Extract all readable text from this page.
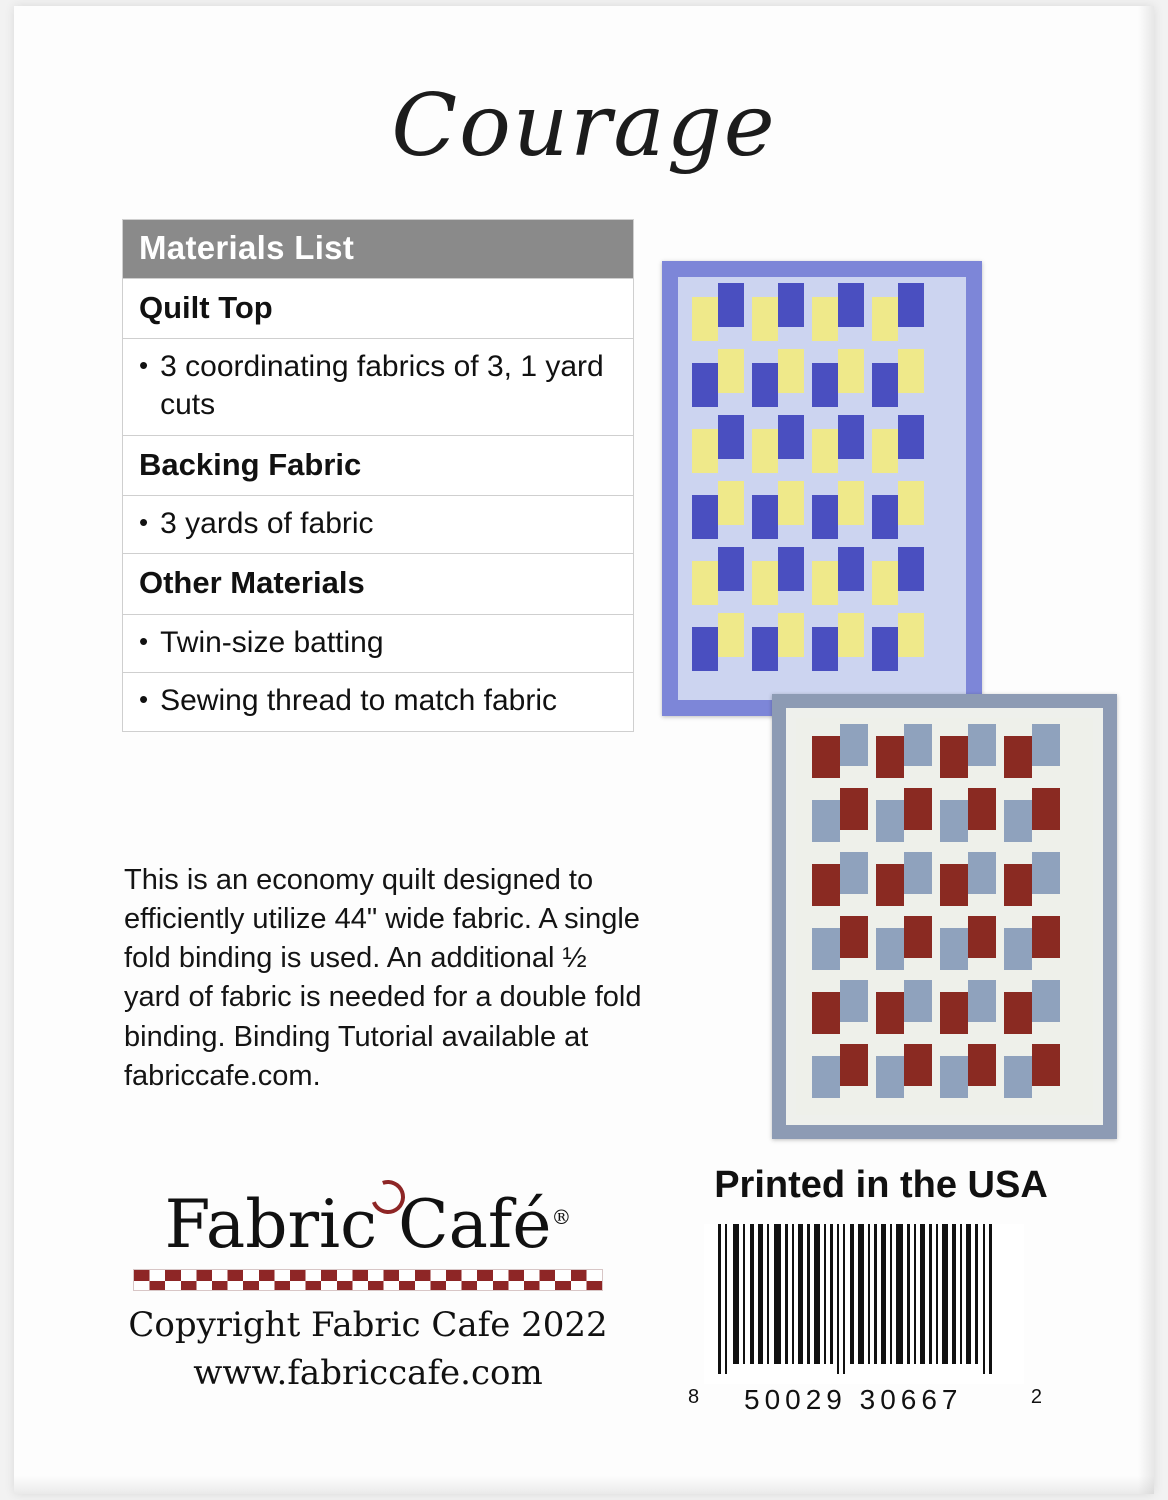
Courage
Materials List
Quilt Top
• 3 coordinating fabrics of 3, 1 yard cuts
Backing Fabric
• 3 yards of fabric
Other Materials
• Twin-size batting
• Sewing thread to match fabric
This is an economy quilt designed to efficiently utilize 44" wide fabric. A single fold binding is used. An additional ½ yard of fabric is needed for a double fold binding. Binding Tutorial available at fabriccafe.com.
Fabric Café®
Copyright Fabric Cafe 2022
www.fabriccafe.com
Printed in the USA
8 50029 30667	2
